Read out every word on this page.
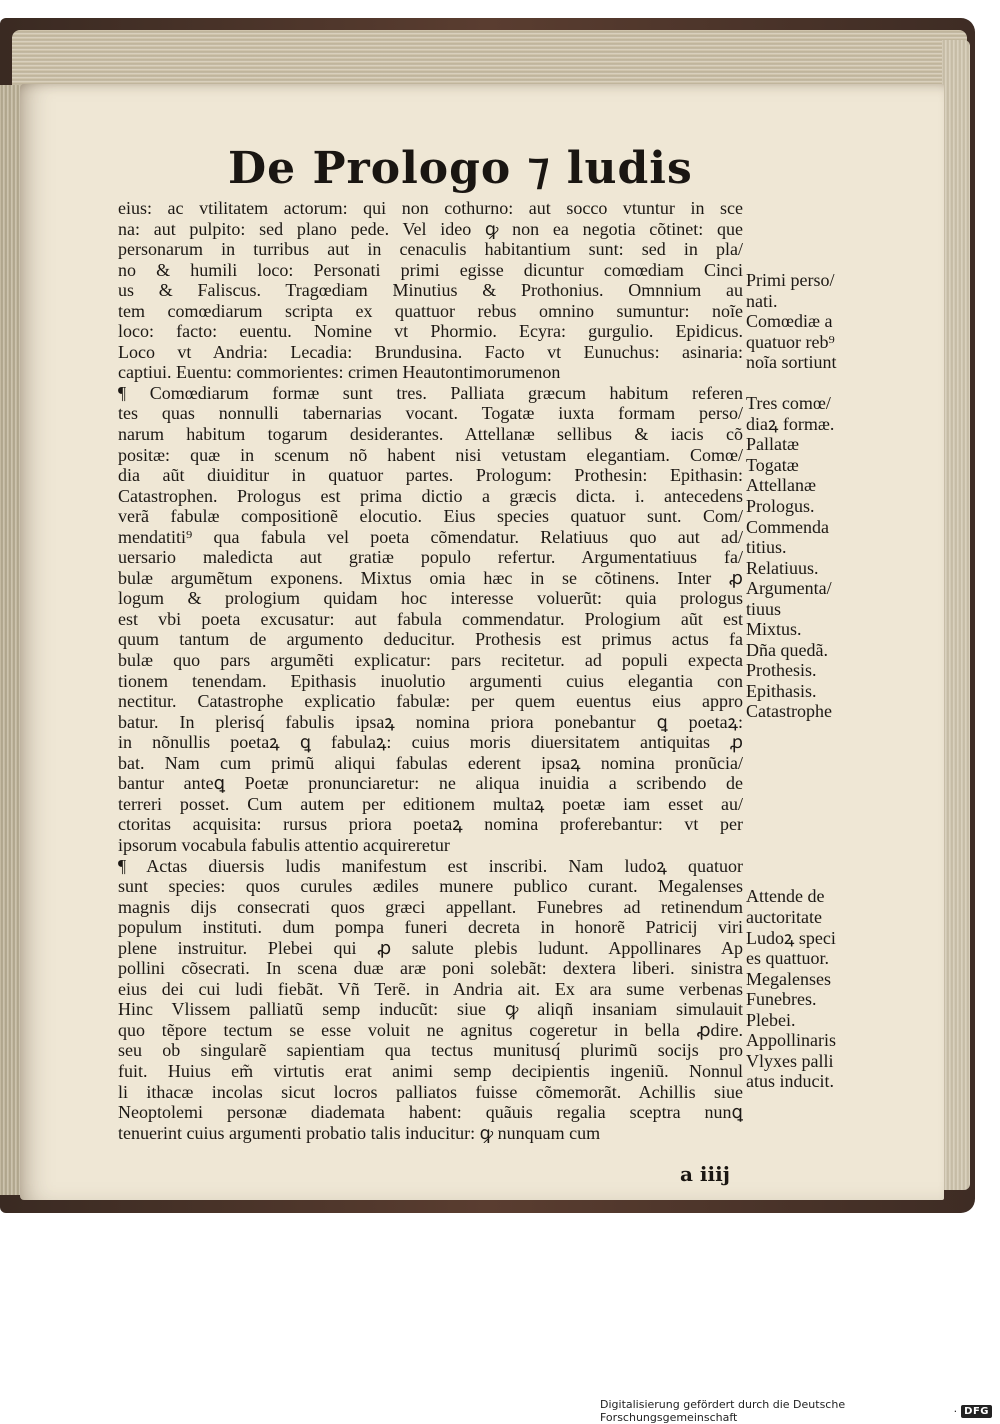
De Prologo ⁊ ludis
eius: ac vtilitatem actorum: qui non cothurno: aut socco vtuntur in sce
na: aut pulpito: sed plano pede. Vel ideo ꝙ non ea negotia cõtinet: que
personarum in turribus aut in cenaculis habitantium sunt: sed in pla/
no & humili loco: Personati primi egisse dicuntur comœdiam Cinci
us & Faliscus. Tragœdiam Minutius & Prothonius. Omnnium au
tem comœdiarum scripta ex quattuor rebus omnino sumuntur: noĩe
loco: facto: euentu. Nomine vt Phormio. Ecyra: gurgulio. Epidicus.
Loco vt Andria: Lecadia: Brundusina. Facto vt Eunuchus: asinaria:
captiui. Euentu: commorientes: crimen Heautontimorumenon
¶ Comœdiarum formæ sunt tres. Palliata græcum habitum referen
tes quas nonnulli tabernarias vocant. Togatæ iuxta formam perso/
narum habitum togarum desiderantes. Attellanæ sellibus & iacis cõ
positæ: quæ in scenum nõ habent nisi vetustam elegantiam. Comœ/
dia aũt diuiditur in quatuor partes. Prologum: Prothesin: Epithasin:
Catastrophen. Prologus est prima dictio a græcis dicta. i. antecedens
verã fabulæ compositionẽ elocutio. Eius species quatuor sunt. Com/
mendatiti⁹ qua fabula vel poeta cõmendatur. Relatiuus quo aut ad/
uersario maledicta aut gratiæ populo refertur. Argumentatiuus fa/
bulæ argumẽtum exponens. Mixtus omia hæc in se cõtinens. Inter ꝓ
logum & prologium quidam hoc interesse voluerũt: quia prologus
est vbi poeta excusatur: aut fabula commendatur. Prologium aũt est
quum tantum de argumento deducitur. Prothesis est primus actus fa
bulæ quo pars argumẽti explicatur: pars recitetur. ad populi expecta
tionem tenendam. Epithasis inuolutio argumenti cuius elegantia con
nectitur. Catastrophe explicatio fabulæ: per quem euentus eius appro
batur. In plerisq́ fabulis ipsaꝝ nomina priora ponebantur ꝗ poetaꝝ:
in nõnullis poetaꝝ ꝗ fabulaꝝ: cuius moris diuersitatem antiquitas ꝓ
bat. Nam cum primũ aliqui fabulas ederent ipsaꝝ nomina pronũcia/
bantur anteꝗ Poetæ pronunciaretur: ne aliqua inuidia a scribendo de
terreri posset. Cum autem per editionem multaꝝ poetæ iam esset au/
ctoritas acquisita: rursus priora poetaꝝ nomina proferebantur: vt per
ipsorum vocabula fabulis attentio acquireretur
¶ Actas diuersis ludis manifestum est inscribi. Nam ludoꝝ quatuor
sunt species: quos curules ædiles munere publico curant. Megalenses
magnis dijs consecrati quos græci appellant. Funebres ad retinendum
populum instituti. dum pompa funeri decreta in honorẽ Patricij viri
plene instruitur. Plebei qui ꝓ salute plebis ludunt. Appollinares Ap
pollini cõsecrati. In scena duæ aræ poni solebãt: dextera liberi. sinistra
eius dei cui ludi fiebãt. Vñ Terẽ. in Andria ait. Ex ara sume verbenas
Hinc Vlissem palliatũ semp inducũt: siue ꝙ aliqñ insaniam simulauit
quo tẽpore tectum se esse voluit ne agnitus cogeretur in bella ꝓdire.
seu ob singularẽ sapientiam qua tectus munitusq́ plurimũ socijs pro
fuit. Huius em̃ virtutis erat animi semp decipientis ingeniũ. Nonnul
li ithacæ incolas sicut locros palliatos fuisse cõmemorãt. Achillis siue
Neoptolemi personæ diademata habent: quãuis regalia sceptra nunꝗ
tenuerint cuius argumenti probatio talis inducitur: ꝙ nunquam cum
Primi perso/
nati.
Comœdiæ a
quatuor reb⁹
noĩa sortiunt
Tres comœ/
diaꝝ formæ.
Pallatæ
Togatæ
Attellanæ
Prologus.
Commenda
titius.
Relatiuus.
Argumenta/
tiuus
Mixtus.
Dña quedã.
Prothesis.
Epithasis.
Catastrophe
Attende de
auctoritate
Ludoꝝ speci
es quattuor.
Megalenses
Funebres.
Plebei.
Appollinaris
Vlyxes palli
atus inducit.
a iiij
Digitalisierung gefördert durch die Deutsche Forschungsgemeinschaft	· DFG
